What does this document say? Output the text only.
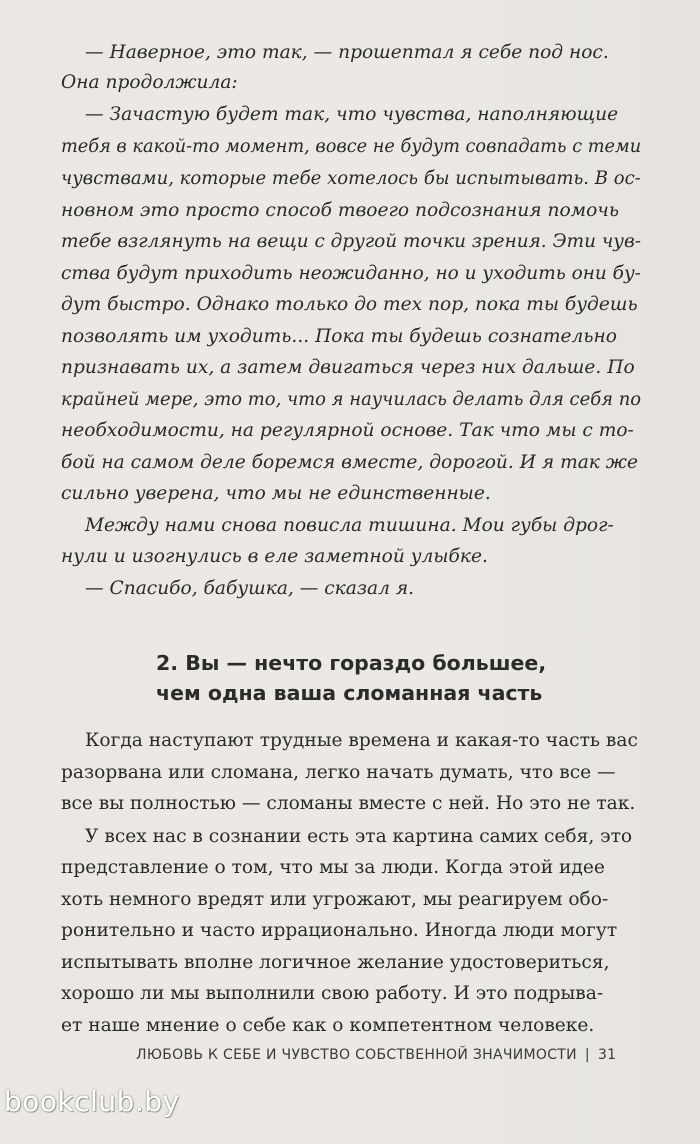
— Наверное, это так, — прошептал я себе под нос.
Она продолжила:
— Зачастую будет так, что чувства, наполняющие
тебя в какой-то момент, вовсе не будут совпадать с теми
чувствами, которые тебе хотелось бы испытывать. В ос-
новном это просто способ твоего подсознания помочь
тебе взглянуть на вещи с другой точки зрения. Эти чув-
ства будут приходить неожиданно, но и уходить они бу-
дут быстро. Однако только до тех пор, пока ты будешь
позволять им уходить... Пока ты будешь сознательно
признавать их, а затем двигаться через них дальше. По
крайней мере, это то, что я научилась делать для себя по
необходимости, на регулярной основе. Так что мы с то-
бой на самом деле боремся вместе, дорогой. И я так же
сильно уверена, что мы не единственные.
Между нами снова повисла тишина. Мои губы дрог-
нули и изогнулись в еле заметной улыбке.
— Спасибо, бабушка, — сказал я.
2. Вы — нечто гораздо большее,
чем одна ваша сломанная часть
Когда наступают трудные времена и какая-то часть вас
разорвана или сломана, легко начать думать, что все —
все вы полностью — сломаны вместе с ней. Но это не так.
У всех нас в сознании есть эта картина самих себя, это
представление о том, что мы за люди. Когда этой идее
хоть немного вредят или угрожают, мы реагируем обо-
ронительно и часто иррационально. Иногда люди могут
испытывать вполне логичное желание удостовериться,
хорошо ли мы выполнили свою работу. И это подрыва-
ет наше мнение о себе как о компетентном человеке.
ЛЮБОВЬ К СЕБЕ И ЧУВСТВО СОБСТВЕННОЙ ЗНАЧИМОСТИ | 31
bookclub.by
